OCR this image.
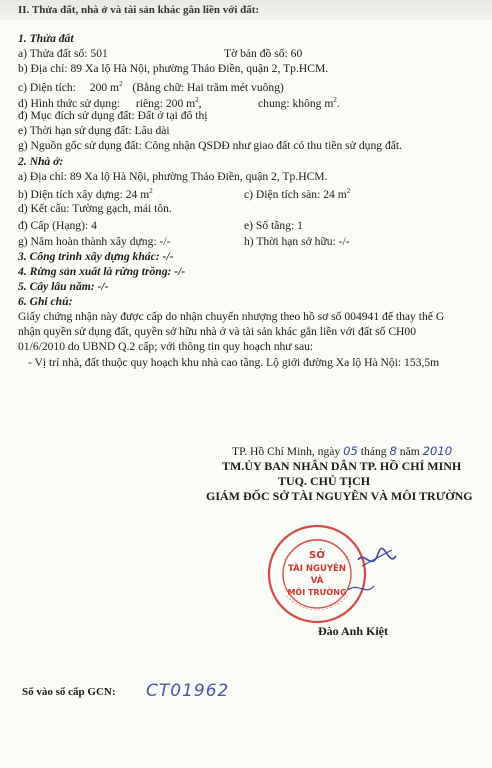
II. Thửa đất, nhà ở và tài sản khác gắn liền với đất:
1. Thửa đất
a) Thửa đất số: 501	Tờ bản đồ số: 60
b) Địa chỉ: 89 Xa lộ Hà Nội, phường Thảo Điền, quận 2, Tp.HCM.
c) Diện tích: 200 $m^2$ (Bằng chữ: Hai trăm mét vuông)
d) Hình thức sử dụng: riêng: 200 $m^2$,	chung: không $m^2$.
đ) Mục đích sử dụng đất: Đất ở tại đô thị
e) Thời hạn sử dụng đất: Lâu dài
g) Nguồn gốc sử dụng đất: Công nhận QSDĐ như giao đất có thu tiền sử dụng đất.
2. Nhà ở:
a) Địa chỉ: 89 Xa lộ Hà Nội, phường Thảo Điền, quận 2, Tp.HCM.
b) Diện tích xây dựng: 24 $m^2$	c) Diện tích sàn: 24 $m^2$
d) Kết cấu: Tường gạch, mái tôn.
đ) Cấp (Hạng): 4	e) Số tầng: 1
g) Năm hoàn thành xây dựng: -/-	h) Thời hạn sở hữu: -/-
3. Công trình xây dựng khác: -/-
4. Rừng sản xuất là rừng trồng: -/-
5. Cây lâu năm: -/-
6. Ghi chú:
Giấy chứng nhận này được cấp do nhận chuyển nhượng theo hồ sơ số 004941 để thay thế G
nhận quyền sử dụng đất, quyền sở hữu nhà ở và tài sản khác gắn liền với đất số CH00
01/6/2010 do UBND Q.2 cấp; với thông tin quy hoạch như sau:
- Vị trí nhà, đất thuộc quy hoạch khu nhà cao tầng. Lộ giới đường Xa lộ Hà Nội: 153,5m
TP. Hồ Chí Minh, ngày 05 tháng 8 năm 2010
TM.ỦY BAN NHÂN DÂN TP. HỒ CHÍ MINH
TUQ. CHỦ TỊCH
GIÁM ĐỐC SỞ TÀI NGUYÊN VÀ MÔI TRƯỜNG
SỞ
TÀI NGUYÊN
VÀ
MÔI TRƯỜNG
Đào Anh Kiệt
Số vào sổ cấp GCN: CT01962
